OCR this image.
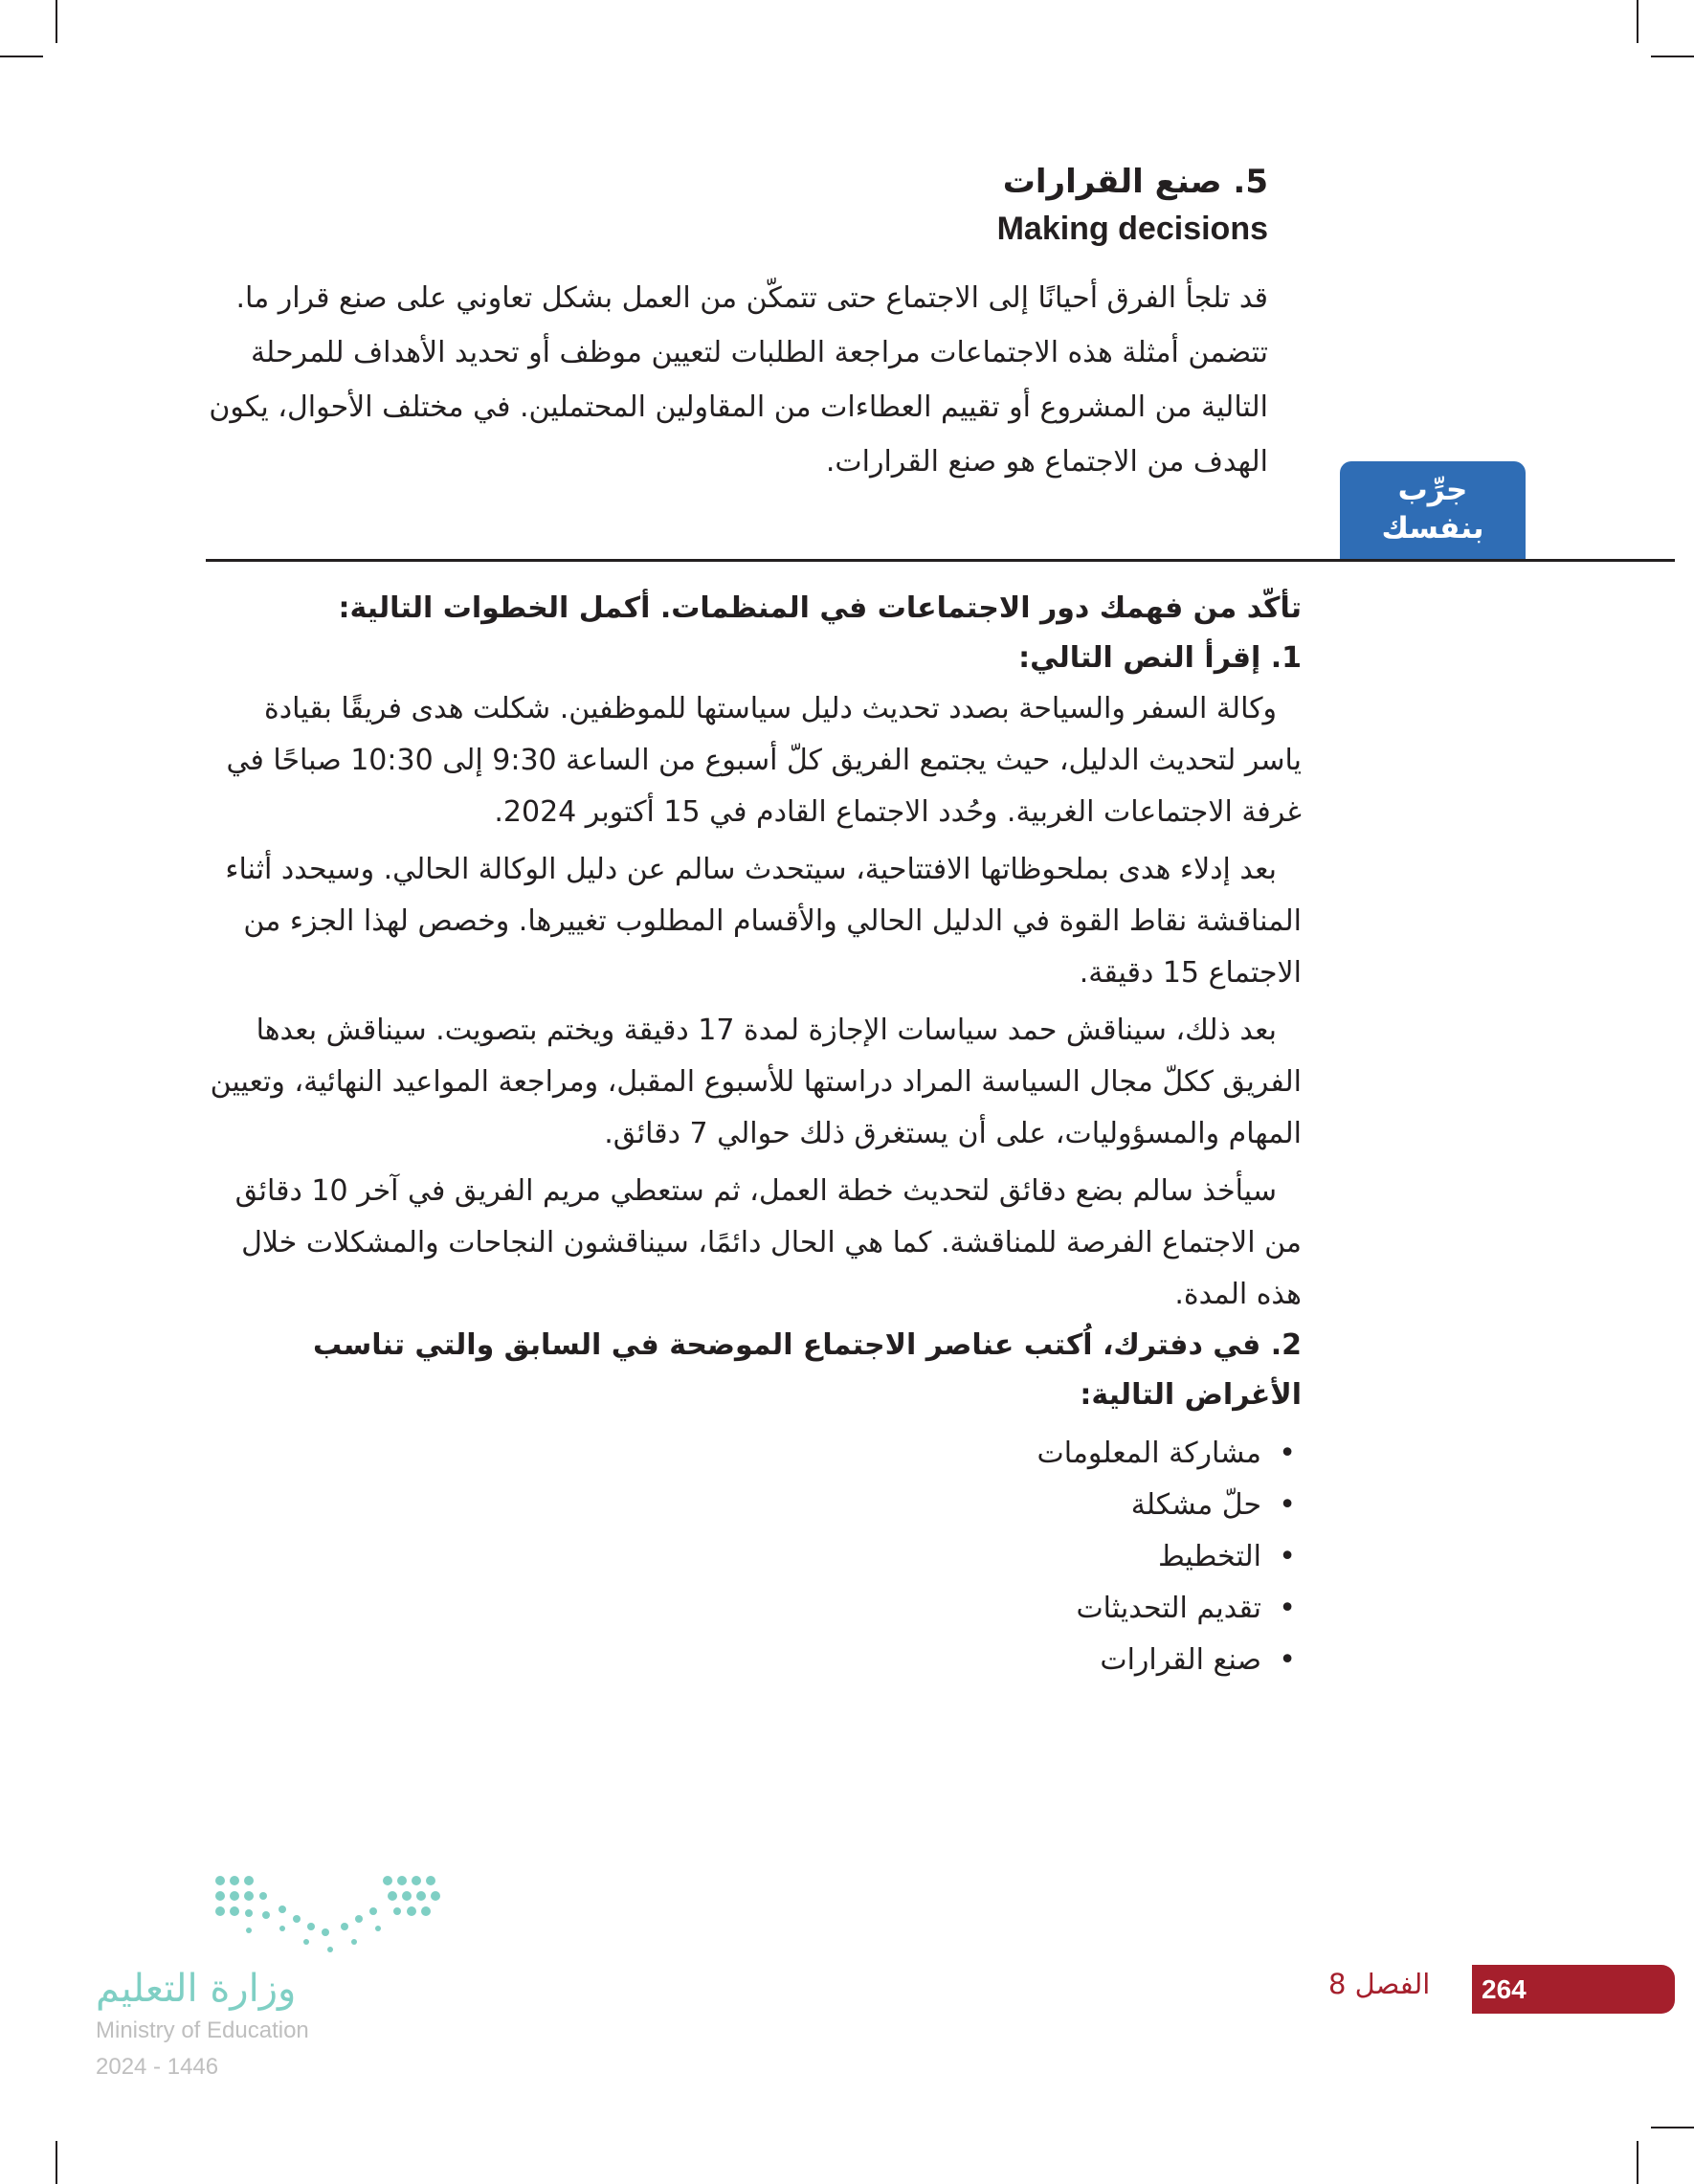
5. صنع القرارات
Making decisions

قد تلجأ الفرق أحيانًا إلى الاجتماع حتى تتمكّن من العمل بشكل تعاوني على صنع قرار ما.

تتضمن أمثلة هذه الاجتماعات مراجعة الطلبات لتعيين موظف أو تحديد الأهداف للمرحلة التالية من المشروع أو تقييم العطاءات من المقاولين المحتملين. في مختلف الأحوال، يكون الهدف من الاجتماع هو صنع القرارات.

جرِّب
بنفسك

تأكّد من فهمك دور الاجتماعات في المنظمات. أكمل الخطوات التالية:

1. إقرأ النص التالي:

وكالة السفر والسياحة بصدد تحديث دليل سياستها للموظفين. شكلت هدى فريقًا بقيادة ياسر لتحديث الدليل، حيث يجتمع الفريق كلّ أسبوع من الساعة 9:30 إلى 10:30 صباحًا في غرفة الاجتماعات الغربية. وحُدد الاجتماع القادم في 15 أكتوبر 2024.

بعد إدلاء هدى بملحوظاتها الافتتاحية، سيتحدث سالم عن دليل الوكالة الحالي. وسيحدد أثناء المناقشة نقاط القوة في الدليل الحالي والأقسام المطلوب تغييرها. وخصص لهذا الجزء من الاجتماع 15 دقيقة.

بعد ذلك، سيناقش حمد سياسات الإجازة لمدة 17 دقيقة ويختم بتصويت. سيناقش بعدها الفريق ككلّ مجال السياسة المراد دراستها للأسبوع المقبل، ومراجعة المواعيد النهائية، وتعيين المهام والمسؤوليات، على أن يستغرق ذلك حوالي 7 دقائق.

سيأخذ سالم بضع دقائق لتحديث خطة العمل، ثم ستعطي مريم الفريق في آخر 10 دقائق من الاجتماع الفرصة للمناقشة. كما هي الحال دائمًا، سيناقشون النجاحات والمشكلات خلال هذه المدة.

2. في دفترك، اُكتب عناصر الاجتماع الموضحة في السابق والتي تناسب الأغراض التالية:

• مشاركة المعلومات
• حلّ مشكلة
• التخطيط
• تقديم التحديثات
• صنع القرارات
وزارة التعليم
Ministry of Education
2024 - 1446
264
الفصل 8
